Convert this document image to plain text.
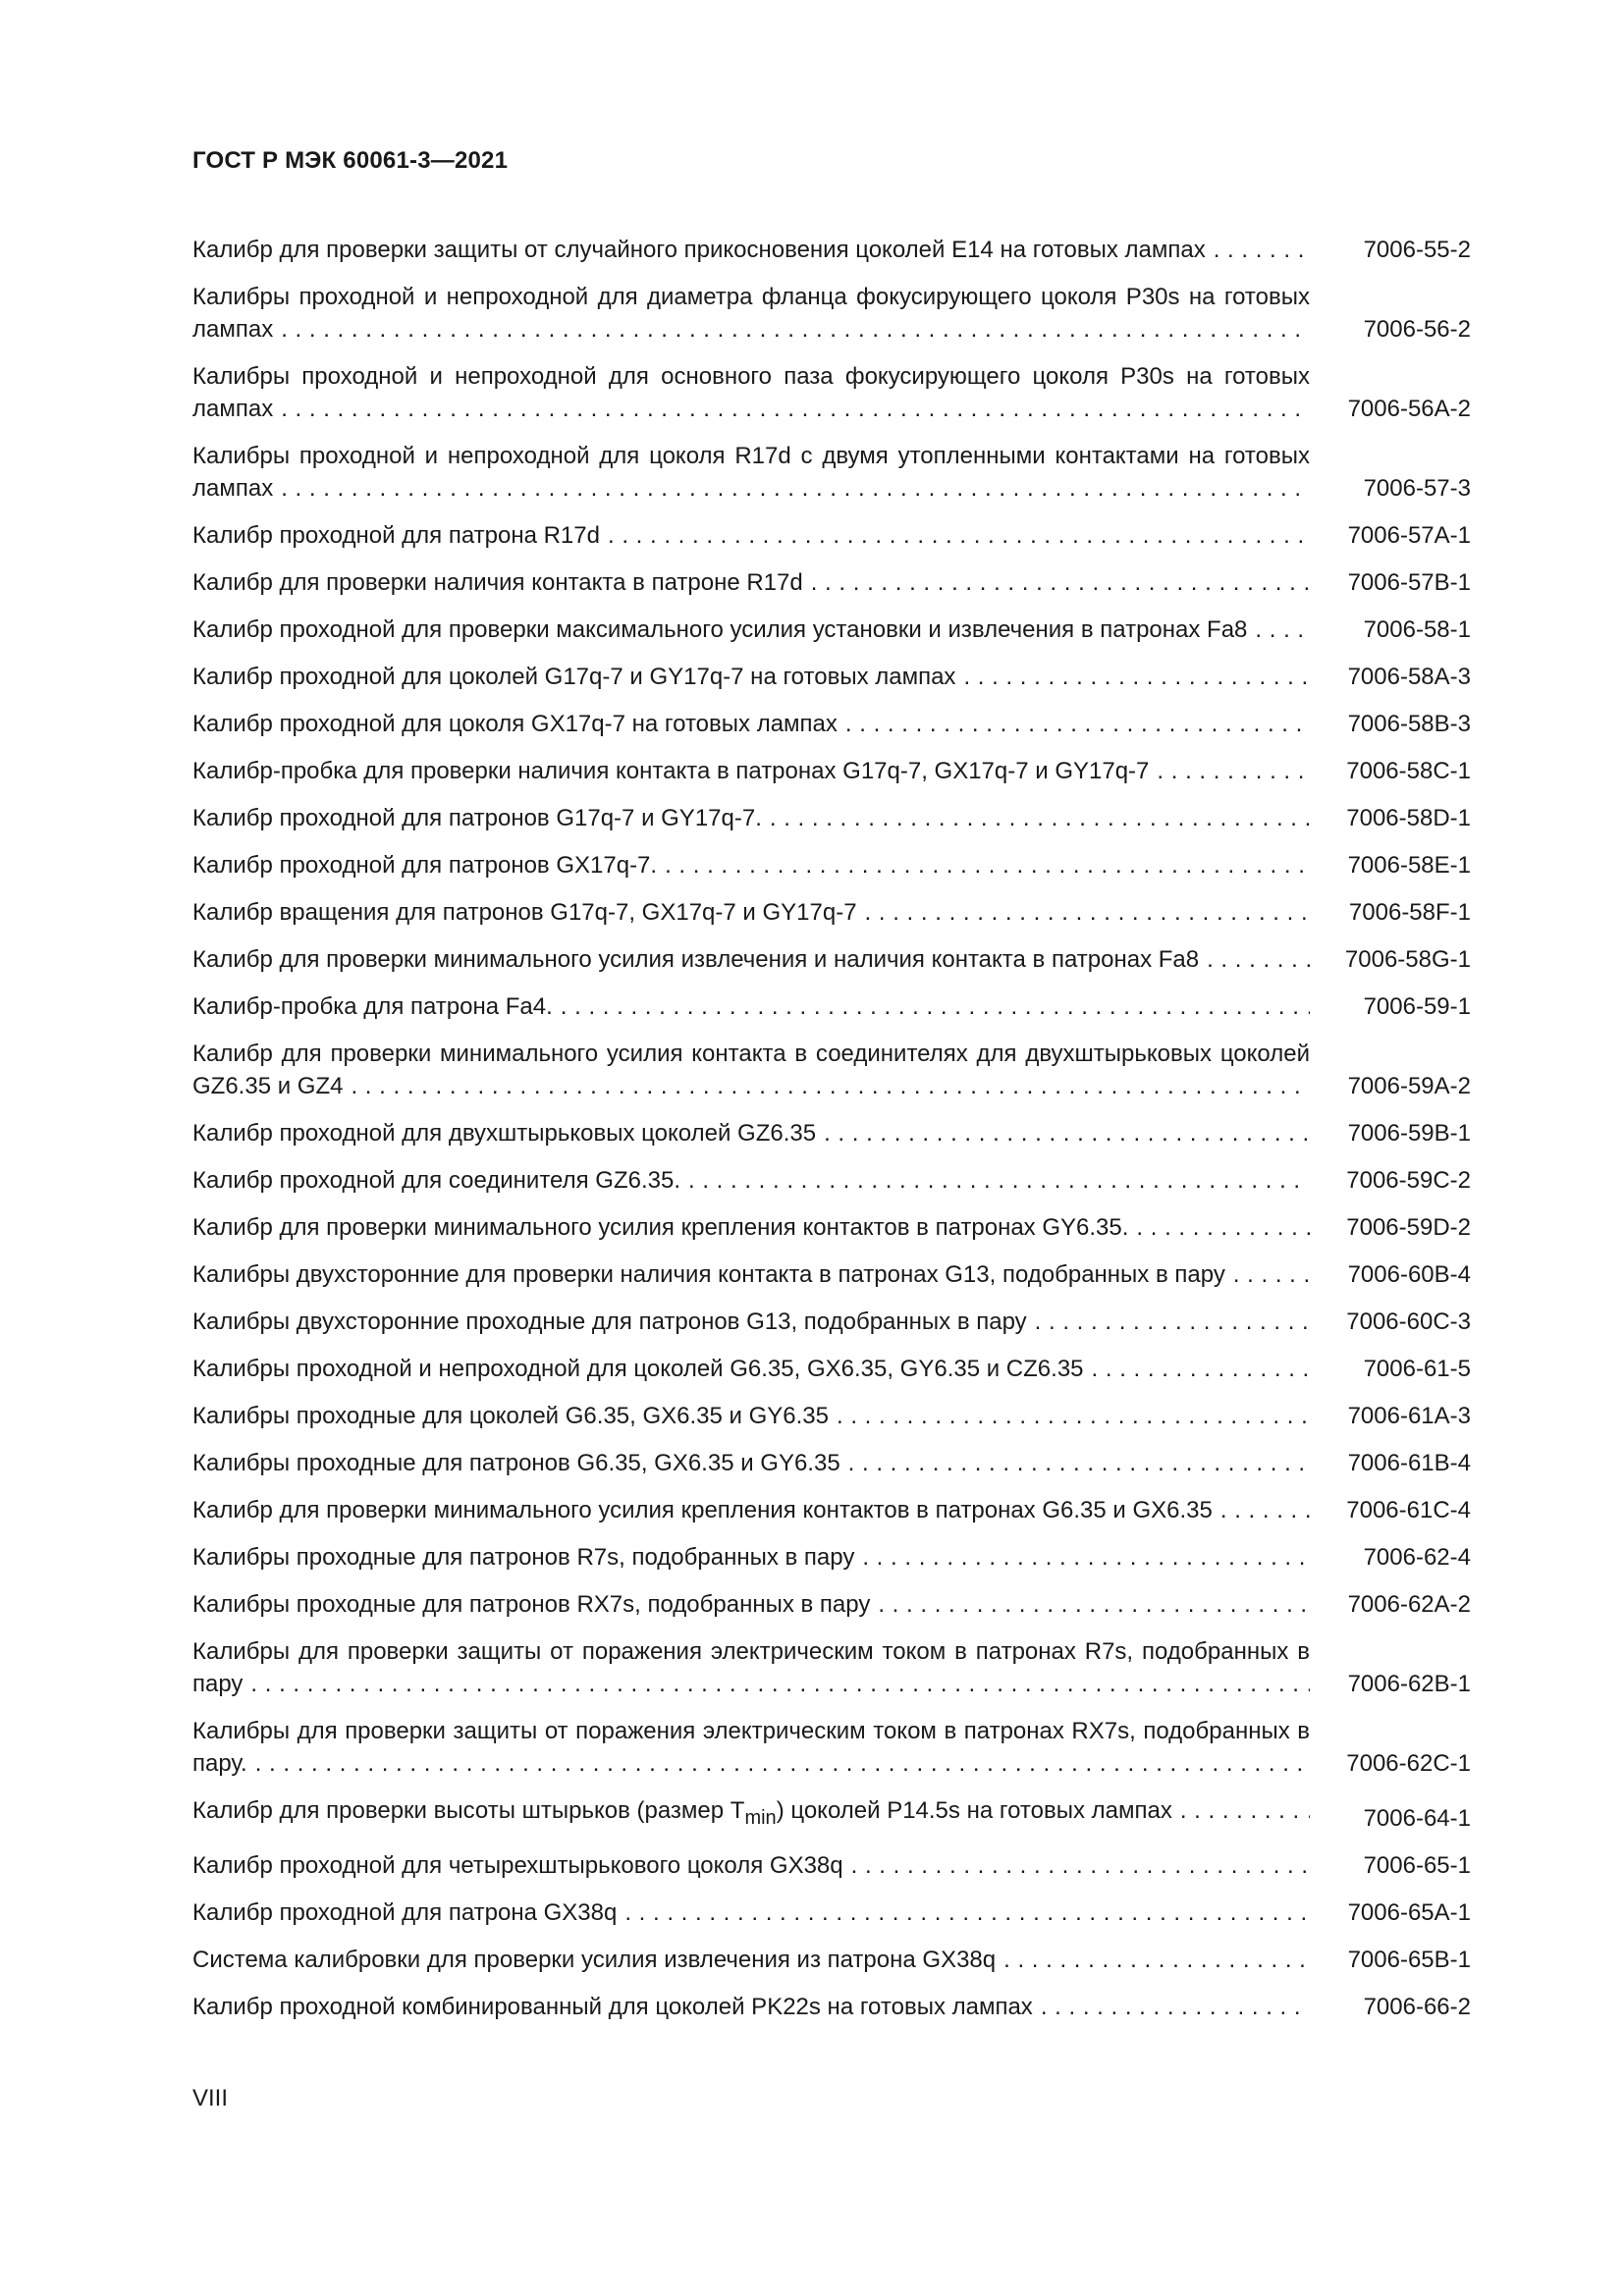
ГОСТ Р МЭК 60061-3—2021
Калибр для проверки защиты от случайного прикосновения цоколей E14 на готовых лампах . . .	7006-55-2
Калибры проходной и непроходной для диаметра фланца фокусирующего цоколя P30s на готовых лампах . . .	7006-56-2
Калибры проходной и непроходной для основного паза фокусирующего цоколя P30s на готовых лампах . . .	7006-56A-2
Калибры проходной и непроходной для цоколя R17d с двумя утопленными контактами на готовых лампах . . .	7006-57-3
Калибр проходной для патрона R17d . . .	7006-57A-1
Калибр для проверки наличия контакта в патроне R17d . . .	7006-57B-1
Калибр проходной для проверки максимального усилия установки и извлечения в патронах Fa8 . . .	7006-58-1
Калибр проходной для цоколей G17q-7 и GY17q-7 на готовых лампах . . .	7006-58A-3
Калибр проходной для цоколя GX17q-7 на готовых лампах . . .	7006-58B-3
Калибр-пробка для проверки наличия контакта в патронах G17q-7, GX17q-7 и GY17q-7 . . .	7006-58C-1
Калибр проходной для патронов G17q-7 и GY17q-7. . . .	7006-58D-1
Калибр проходной для патронов GX17q-7. . . .	7006-58E-1
Калибр вращения для патронов G17q-7, GX17q-7 и GY17q-7 . . .	7006-58F-1
Калибр для проверки минимального усилия извлечения и наличия контакта в патронах Fa8 . . .	7006-58G-1
Калибр-пробка для патрона Fa4. . . .	7006-59-1
Калибр для проверки минимального усилия контакта в соединителях для двухштырьковых цоколей GZ6.35 и GZ4 . . .	7006-59A-2
Калибр проходной для двухштырьковых цоколей GZ6.35 . . .	7006-59B-1
Калибр проходной для соединителя GZ6.35. . . .	7006-59C-2
Калибр для проверки минимального усилия крепления контактов в патронах GY6.35. . . .	7006-59D-2
Калибры двухсторонние для проверки наличия контакта в патронах G13, подобранных в пару . . .	7006-60B-4
Калибры двухсторонние проходные для патронов G13, подобранных в пару . . .	7006-60C-3
Калибры проходной и непроходной для цоколей G6.35, GX6.35, GY6.35 и CZ6.35 . . .	7006-61-5
Калибры проходные для цоколей G6.35, GX6.35 и GY6.35 . . .	7006-61A-3
Калибры проходные для патронов G6.35, GX6.35 и GY6.35 . . .	7006-61B-4
Калибр для проверки минимального усилия крепления контактов в патронах G6.35 и GX6.35 . . .	7006-61C-4
Калибры проходные для патронов R7s, подобранных в пару . . .	7006-62-4
Калибры проходные для патронов RX7s, подобранных в пару . . .	7006-62A-2
Калибры для проверки защиты от поражения электрическим током в патронах R7s, подобранных в пару . . .	7006-62B-1
Калибры для проверки защиты от поражения электрическим током в патронах RX7s, подобранных в пару. . . .	7006-62C-1
Калибр для проверки высоты штырьков (размер $T_{min}$) цоколей P14.5s на готовых лампах . . .	7006-64-1
Калибр проходной для четырехштырькового цоколя GX38q . . .	7006-65-1
Калибр проходной для патрона GX38q . . .	7006-65A-1
Система калибровки для проверки усилия извлечения из патрона GX38q . . .	7006-65B-1
Калибр проходной комбинированный для цоколей PK22s на готовых лампах . . .	7006-66-2

VIII
